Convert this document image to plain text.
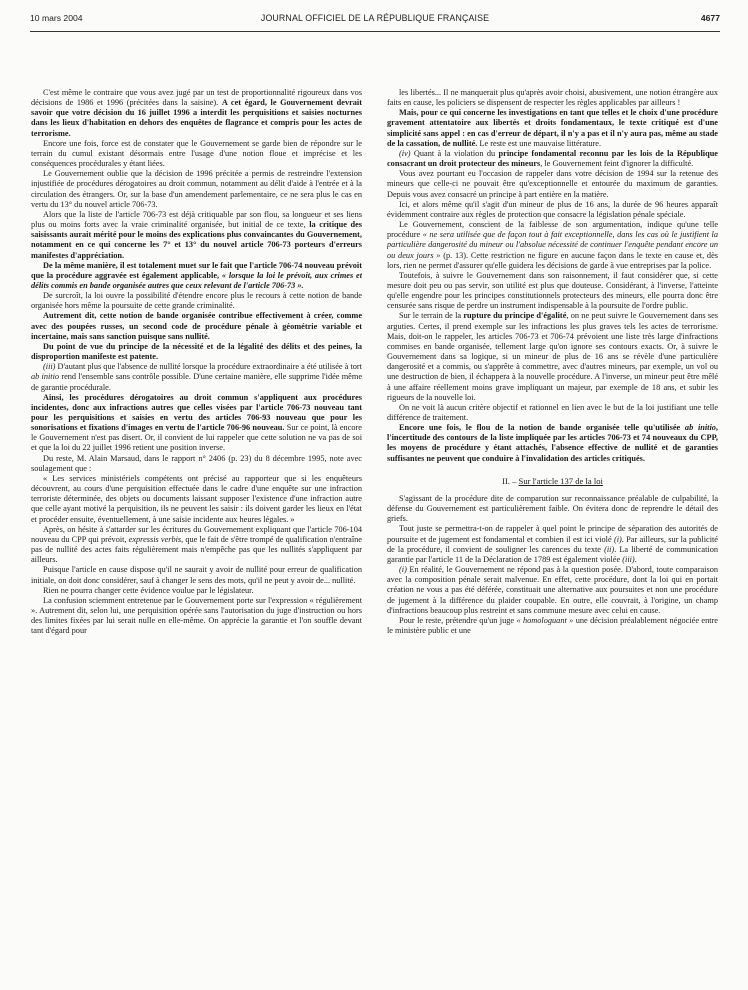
10 mars 2004	JOURNAL OFFICIEL DE LA RÉPUBLIQUE FRANÇAISE	4677

C'est même le contraire que vous avez jugé par un test de proportionnalité rigoureux dans vos décisions de 1986 et 1996 (précitées dans la saisine). A cet égard, le Gouvernement devrait savoir que votre décision du 16 juillet 1996 a interdit les perquisitions et saisies nocturnes dans les lieux d'habitation en dehors des enquêtes de flagrance et compris pour les actes de terrorisme.

Encore une fois, force est de constater que le Gouvernement se garde bien de répondre sur le terrain du cumul existant désormais entre l'usage d'une notion floue et imprécise et les conséquences procédurales y étant liées.

Le Gouvernement oublie que la décision de 1996 précitée a permis de restreindre l'extension injustifiée de procédures dérogatoires au droit commun, notamment au délit d'aide à l'entrée et à la circulation des étrangers. Or, sur la base d'un amendement parlementaire, ce ne sera plus le cas en vertu du 13° du nouvel article 706-73.

Alors que la liste de l'article 706-73 est déjà critiquable par son flou, sa longueur et ses liens plus ou moins forts avec la vraie criminalité organisée, but initial de ce texte, la critique des saisissants aurait mérité pour le moins des explications plus convaincantes du Gouvernement, notamment en ce qui concerne les 7° et 13° du nouvel article 706-73 porteurs d'erreurs manifestes d'appréciation.

De la même manière, il est totalement muet sur le fait que l'article 706-74 nouveau prévoit que la procédure aggravée est également applicable, « lorsque la loi le prévoit, aux crimes et délits commis en bande organisée autres que ceux relevant de l'article 706-73 ».

De surcroît, la loi ouvre la possibilité d'étendre encore plus le recours à cette notion de bande organisée hors même la poursuite de cette grande criminalité.

Autrement dit, cette notion de bande organisée contribue effectivement à créer, comme avec des poupées russes, un second code de procédure pénale à géométrie variable et incertaine, mais sans sanction puisque sans nullité.

Du point de vue du principe de la nécessité et de la légalité des délits et des peines, la disproportion manifeste est patente.

(iii) D'autant plus que l'absence de nullité lorsque la procédure extraordinaire a été utilisée à tort ab initio rend l'ensemble sans contrôle possible. D'une certaine manière, elle supprime l'idée même de garantie procédurale.

Ainsi, les procédures dérogatoires au droit commun s'appliquent aux procédures incidentes, donc aux infractions autres que celles visées par l'article 706-73 nouveau tant pour les perquisitions et saisies en vertu des articles 706-93 nouveau que pour les sonorisations et fixations d'images en vertu de l'article 706-96 nouveau. Sur ce point, là encore le Gouvernement n'est pas disert. Or, il convient de lui rappeler que cette solution ne va pas de soi et que la loi du 22 juillet 1996 retient une position inverse.

Du reste, M. Alain Marsaud, dans le rapport n° 2406 (p. 23) du 8 décembre 1995, note avec soulagement que :

« Les services ministériels compétents ont précisé au rapporteur que si les enquêteurs découvrent, au cours d'une perquisition effectuée dans le cadre d'une enquête sur une infraction terroriste déterminée, des objets ou documents laissant supposer l'existence d'une infraction autre que celle ayant motivé la perquisition, ils ne peuvent les saisir : ils doivent garder les lieux en l'état et procéder ensuite, éventuellement, à une saisie incidente aux heures légales. »

Après, on hésite à s'attarder sur les écritures du Gouvernement expliquant que l'article 706-104 nouveau du CPP qui prévoit, expressis verbis, que le fait de s'être trompé de qualification n'entraîne pas de nullité des actes faits régulièrement mais n'empêche pas que les nullités s'appliquent par ailleurs.

Puisque l'article en cause dispose qu'il ne saurait y avoir de nullité pour erreur de qualification initiale, on doit donc considérer, sauf à changer le sens des mots, qu'il ne peut y avoir de... nullité.

Rien ne pourra changer cette évidence voulue par le législateur.

La confusion sciemment entretenue par le Gouvernement porte sur l'expression « régulièrement ». Autrement dit, selon lui, une perquisition opérée sans l'autorisation du juge d'instruction ou hors des limites fixées par lui serait nulle en elle-même. On apprécie la garantie et l'on souffle devant tant d'égard pour

les libertés... Il ne manquerait plus qu'après avoir choisi, abusivement, une notion étrangère aux faits en cause, les policiers se dispensent de respecter les règles applicables par ailleurs !

Mais, pour ce qui concerne les investigations en tant que telles et le choix d'une procédure gravement attentatoire aux libertés et droits fondamentaux, le texte critiqué est d'une simplicité sans appel : en cas d'erreur de départ, il n'y a pas et il n'y aura pas, même au stade de la cassation, de nullité. Le reste est une mauvaise littérature.

(iv) Quant à la violation du principe fondamental reconnu par les lois de la République consacrant un droit protecteur des mineurs, le Gouvernement feint d'ignorer la difficulté.

Vous avez pourtant eu l'occasion de rappeler dans votre décision de 1994 sur la retenue des mineurs que celle-ci ne pouvait être qu'exceptionnelle et entourée du maximum de garanties. Depuis vous avez consacré un principe à part entière en la matière.

Ici, et alors même qu'il s'agit d'un mineur de plus de 16 ans, la durée de 96 heures apparaît évidemment contraire aux règles de protection que consacre la législation pénale spéciale.

Le Gouvernement, conscient de la faiblesse de son argumentation, indique qu'une telle procédure « ne sera utilisée que de façon tout à fait exceptionnelle, dans les cas où le justifient la particulière dangerosité du mineur ou l'absolue nécessité de continuer l'enquête pendant encore un ou deux jours » (p. 13). Cette restriction ne figure en aucune façon dans le texte en cause et, dès lors, rien ne permet d'assurer qu'elle guidera les décisions de garde à vue entreprises par la police.

Toutefois, à suivre le Gouvernement dans son raisonnement, il faut considérer que, si cette mesure doit peu ou pas servir, son utilité est plus que douteuse. Considérant, à l'inverse, l'atteinte qu'elle engendre pour les principes constitutionnels protecteurs des mineurs, elle pourra donc être censurée sans risque de perdre un instrument indispensable à la poursuite de l'ordre public.

Sur le terrain de la rupture du principe d'égalité, on ne peut suivre le Gouvernement dans ses arguties. Certes, il prend exemple sur les infractions les plus graves tels les actes de terrorisme. Mais, doit-on le rappeler, les articles 706-73 et 706-74 prévoient une liste très large d'infractions commises en bande organisée, tellement large qu'on ignore ses contours exacts. Or, à suivre le Gouvernement dans sa logique, si un mineur de plus de 16 ans se révèle d'une particulière dangerosité et a commis, ou s'apprête à commettre, avec d'autres mineurs, par exemple, un vol ou une destruction de bien, il échappera à la nouvelle procédure. A l'inverse, un mineur peut être mêlé à une affaire réellement moins grave impliquant un majeur, par exemple de 18 ans, et subir les rigueurs de la nouvelle loi.

On ne voit là aucun critère objectif et rationnel en lien avec le but de la loi justifiant une telle différence de traitement.

Encore une fois, le flou de la notion de bande organisée telle qu'utilisée ab initio, l'incertitude des contours de la liste impliquée par les articles 706-73 et 74 nouveaux du CPP, les moyens de procédure y étant attachés, l'absence effective de nullité et de garanties suffisantes ne peuvent que conduire à l'invalidation des articles critiqués.

II. – Sur l'article 137 de la loi

S'agissant de la procédure dite de comparution sur reconnaissance préalable de culpabilité, la défense du Gouvernement est particulièrement faible. On évitera donc de reprendre le détail des griefs.

Tout juste se permettra-t-on de rappeler à quel point le principe de séparation des autorités de poursuite et de jugement est fondamental et combien il est ici violé (i). Par ailleurs, sur la publicité de la procédure, il convient de souligner les carences du texte (ii). La liberté de communication garantie par l'article 11 de la Déclaration de 1789 est également violée (iii).

(i) En réalité, le Gouvernement ne répond pas à la question posée. D'abord, toute comparaison avec la composition pénale serait malvenue. En effet, cette procédure, dont la loi qui en portait création ne vous a pas été déférée, constituait une alternative aux poursuites et non une procédure de jugement à la différence du plaider coupable. En outre, elle couvrait, à l'origine, un champ d'infractions beaucoup plus restreint et sans commune mesure avec celui en cause.

Pour le reste, prétendre qu'un juge « homologuant » une décision préalablement négociée entre le ministère public et une
